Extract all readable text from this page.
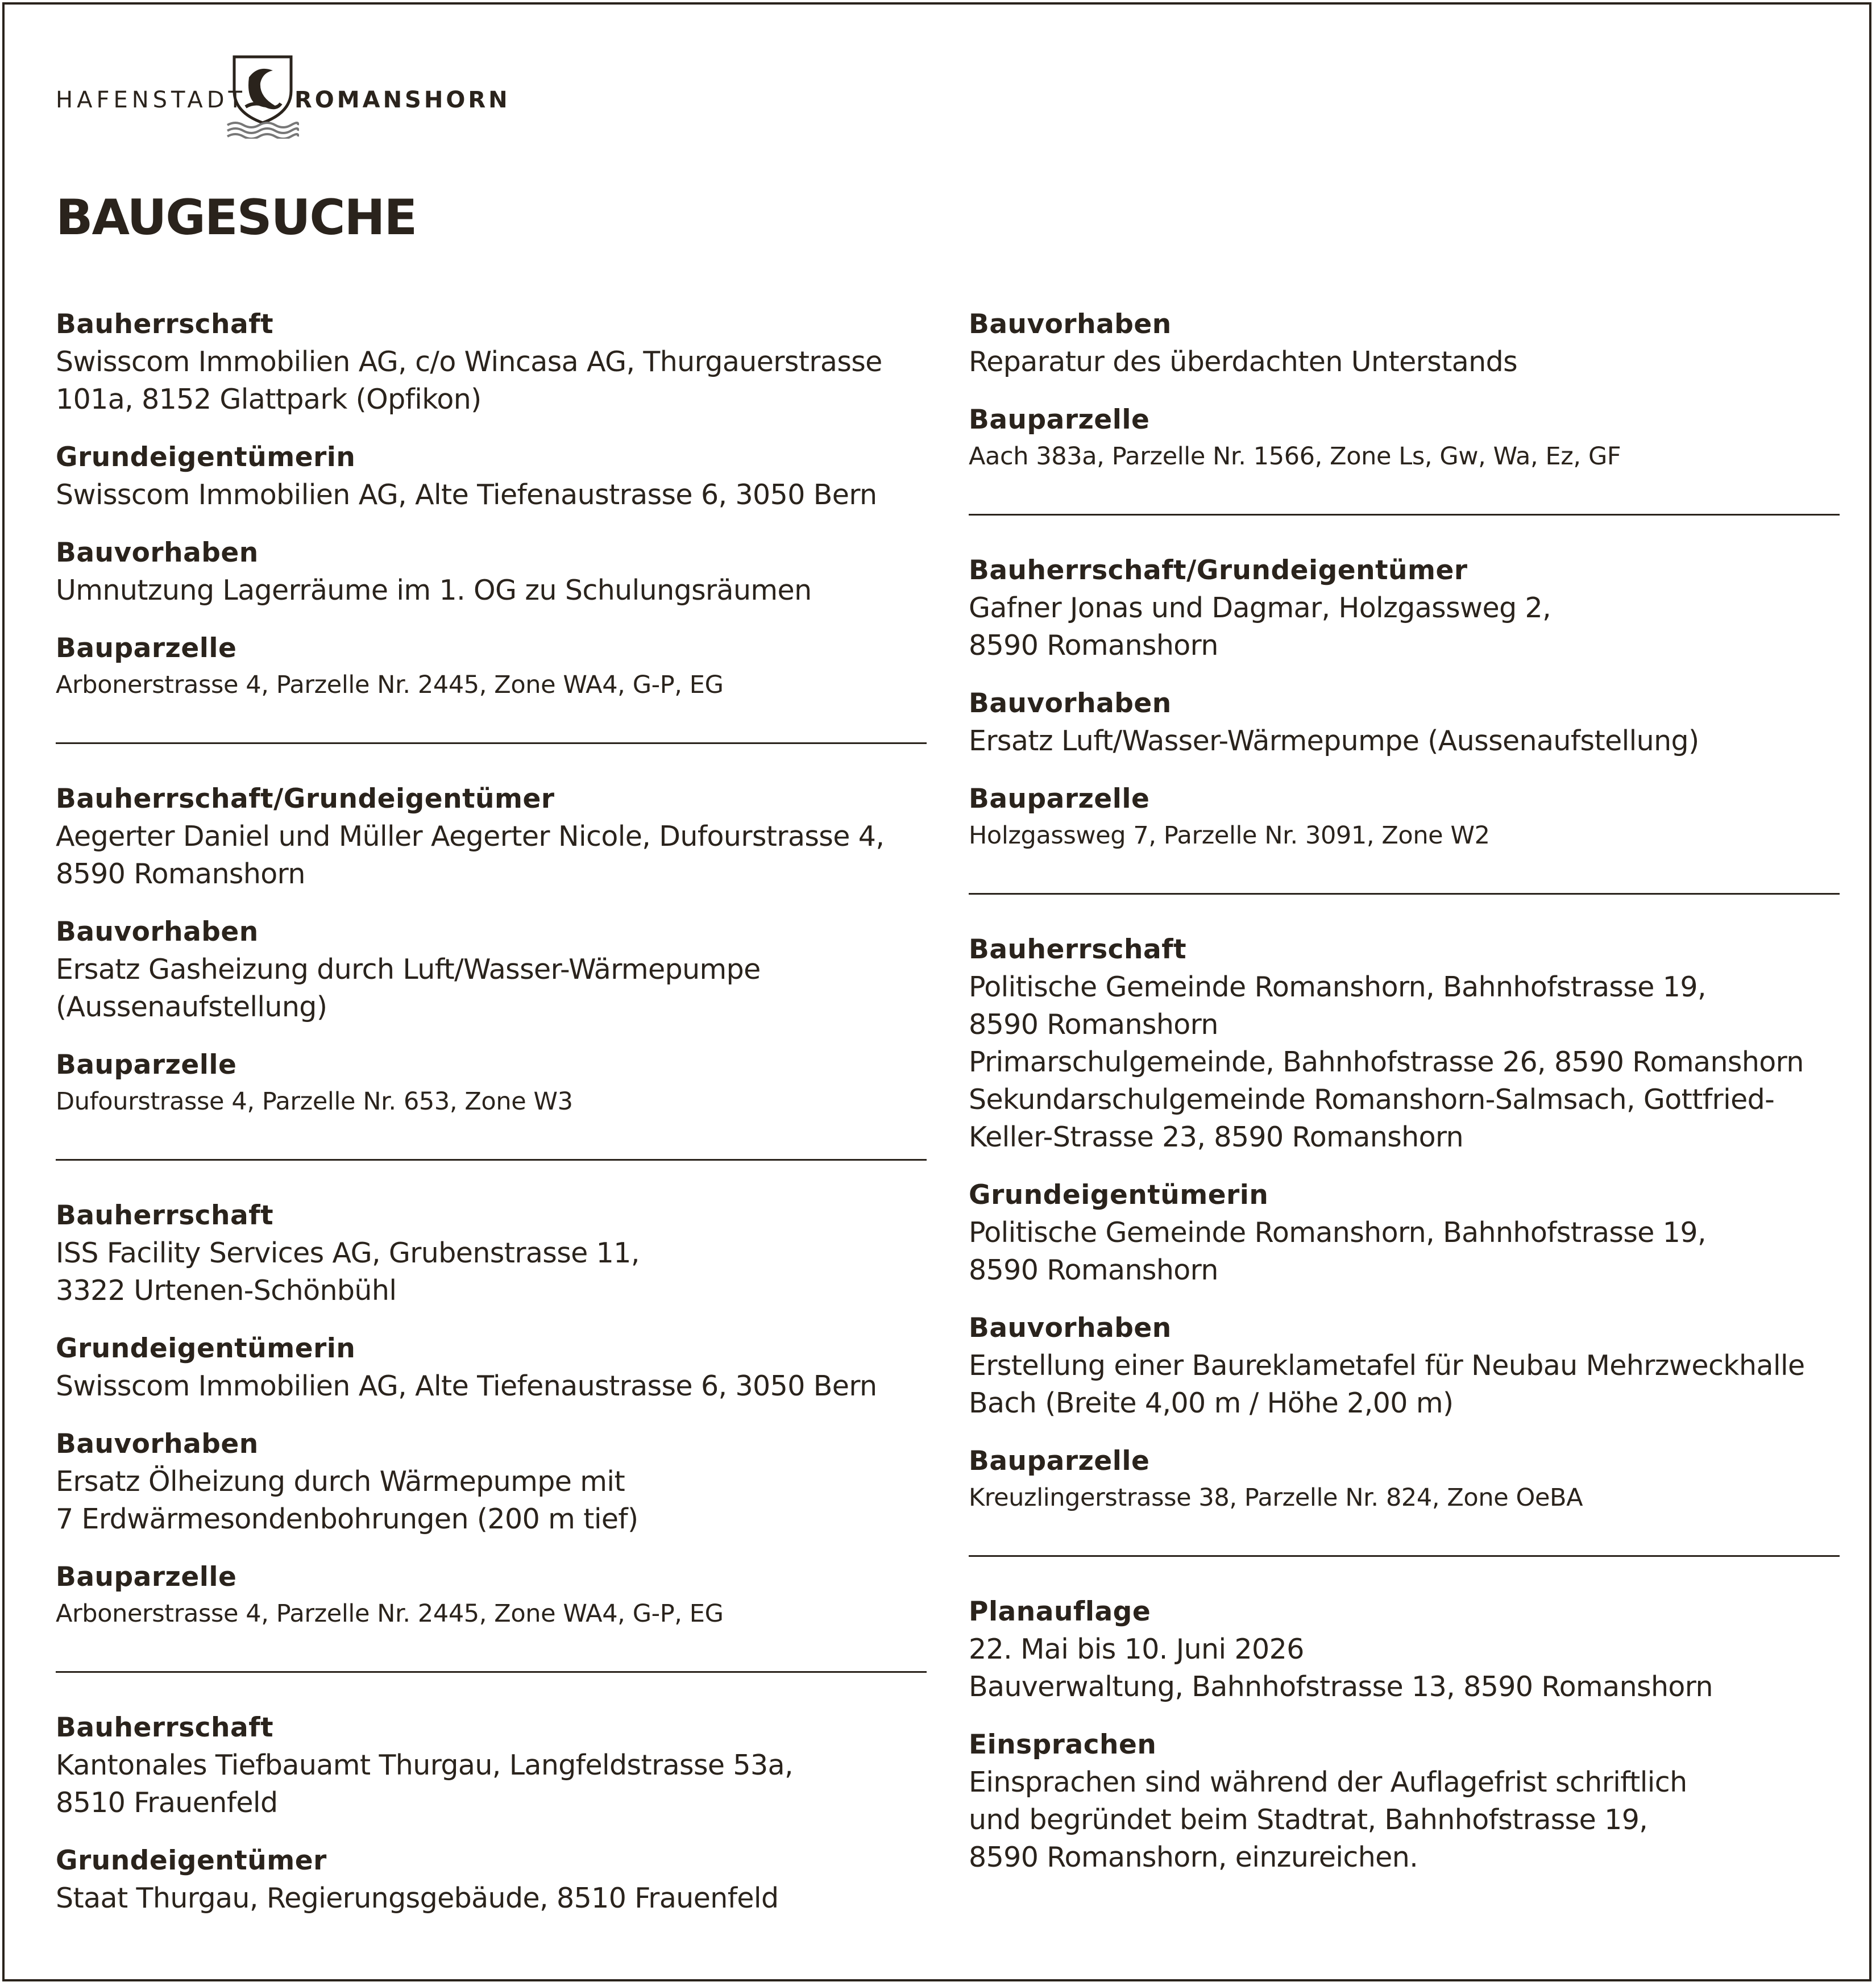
HAFENSTADT ROMANSHORN
BAUGESUCHE
Bauherrschaft
Swisscom Immobilien AG, c/o Wincasa AG, Thurgauerstrasse
101a, 8152 Glattpark (Opfikon)
Grundeigentümerin
Swisscom Immobilien AG, Alte Tiefenaustrasse 6, 3050 Bern
Bauvorhaben
Umnutzung Lagerräume im 1. OG zu Schulungsräumen
Bauparzelle
Arbonerstrasse 4, Parzelle Nr. 2445, Zone WA4, G-P, EG
Bauherrschaft/Grundeigentümer
Aegerter Daniel und Müller Aegerter Nicole, Dufourstrasse 4,
8590 Romanshorn
Bauvorhaben
Ersatz Gasheizung durch Luft/Wasser-Wärmepumpe
(Aussenaufstellung)
Bauparzelle
Dufourstrasse 4, Parzelle Nr. 653, Zone W3
Bauherrschaft
ISS Facility Services AG, Grubenstrasse 11,
3322 Urtenen-Schönbühl
Grundeigentümerin
Swisscom Immobilien AG, Alte Tiefenaustrasse 6, 3050 Bern
Bauvorhaben
Ersatz Ölheizung durch Wärmepumpe mit
7 Erdwärmesondenbohrungen (200 m tief)
Bauparzelle
Arbonerstrasse 4, Parzelle Nr. 2445, Zone WA4, G-P, EG
Bauherrschaft
Kantonales Tiefbauamt Thurgau, Langfeldstrasse 53a,
8510 Frauenfeld
Grundeigentümer
Staat Thurgau, Regierungsgebäude, 8510 Frauenfeld
Bauvorhaben
Reparatur des überdachten Unterstands
Bauparzelle
Aach 383a, Parzelle Nr. 1566, Zone Ls, Gw, Wa, Ez, GF
Bauherrschaft/Grundeigentümer
Gafner Jonas und Dagmar, Holzgassweg 2,
8590 Romanshorn
Bauvorhaben
Ersatz Luft/Wasser-Wärmepumpe (Aussenaufstellung)
Bauparzelle
Holzgassweg 7, Parzelle Nr. 3091, Zone W2
Bauherrschaft
Politische Gemeinde Romanshorn, Bahnhofstrasse 19,
8590 Romanshorn
Primarschulgemeinde, Bahnhofstrasse 26, 8590 Romanshorn
Sekundarschulgemeinde Romanshorn-Salmsach, Gottfried-
Keller-Strasse 23, 8590 Romanshorn
Grundeigentümerin
Politische Gemeinde Romanshorn, Bahnhofstrasse 19,
8590 Romanshorn
Bauvorhaben
Erstellung einer Baureklametafel für Neubau Mehrzweckhalle
Bach (Breite 4,00 m / Höhe 2,00 m)
Bauparzelle
Kreuzlingerstrasse 38, Parzelle Nr. 824, Zone OeBA
Planauflage
22. Mai bis 10. Juni 2026
Bauverwaltung, Bahnhofstrasse 13, 8590 Romanshorn
Einsprachen
Einsprachen sind während der Auflagefrist schriftlich
und begründet beim Stadtrat, Bahnhofstrasse 19,
8590 Romanshorn, einzureichen.
